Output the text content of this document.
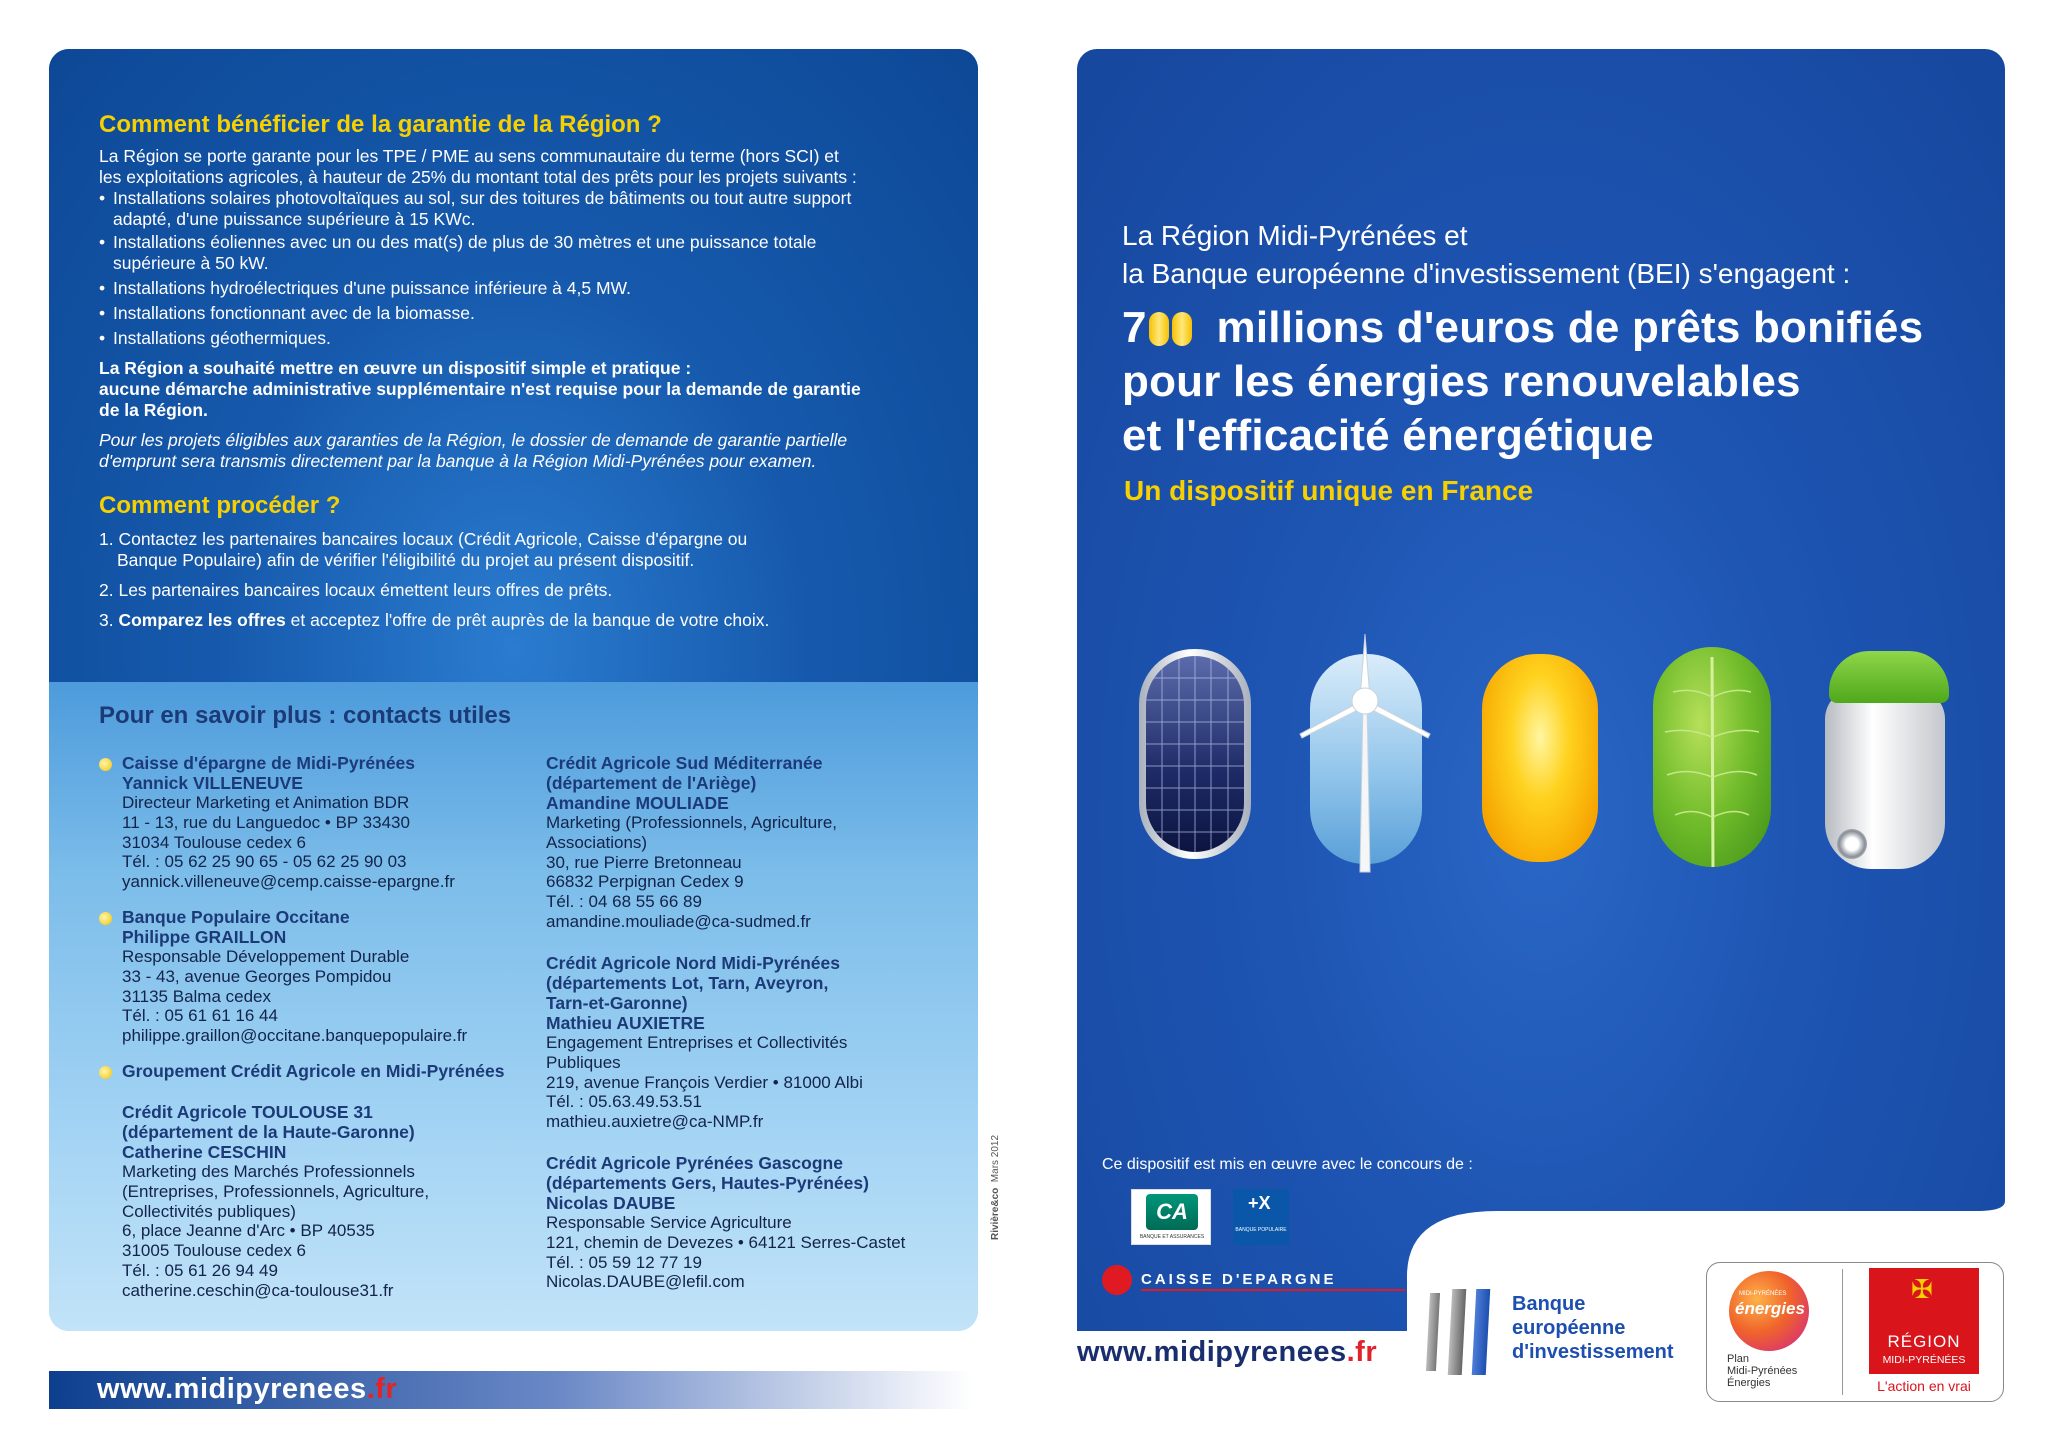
Comment bénéficier de la garantie de la Région ?
La Région se porte garante pour les TPE / PME au sens communautaire du terme (hors SCI) et
les exploitations agricoles, à hauteur de 25% du montant total des prêts pour les projets suivants :
• Installations solaires photovoltaïques au sol, sur des toitures de bâtiments ou tout autre support
adapté, d'une puissance supérieure à 15 KWc.
• Installations éoliennes avec un ou des mat(s) de plus de 30 mètres et une puissance totale
supérieure à 50 kW.
• Installations hydroélectriques d'une puissance inférieure à 4,5 MW.
• Installations fonctionnant avec de la biomasse.
• Installations géothermiques.
La Région a souhaité mettre en œuvre un dispositif simple et pratique :
aucune démarche administrative supplémentaire n'est requise pour la demande de garantie
de la Région.
Pour les projets éligibles aux garanties de la Région, le dossier de demande de garantie partielle
d'emprunt sera transmis directement par la banque à la Région Midi-Pyrénées pour examen.
Comment procéder ?
1. Contactez les partenaires bancaires locaux (Crédit Agricole, Caisse d'épargne ou
Banque Populaire) afin de vérifier l'éligibilité du projet au présent dispositif.
2. Les partenaires bancaires locaux émettent leurs offres de prêts.
3. Comparez les offres et acceptez l'offre de prêt auprès de la banque de votre choix.
Pour en savoir plus : contacts utiles
Caisse d'épargne de Midi-Pyrénées
Yannick VILLENEUVE
Directeur Marketing et Animation BDR
11 - 13, rue du Languedoc • BP 33430
31034 Toulouse cedex 6
Tél. : 05 62 25 90 65 - 05 62 25 90 03
yannick.villeneuve@cemp.caisse-epargne.fr
Banque Populaire Occitane
Philippe GRAILLON
Responsable Développement Durable
33 - 43, avenue Georges Pompidou
31135 Balma cedex
Tél. : 05 61 61 16 44
philippe.graillon@occitane.banquepopulaire.fr
Groupement Crédit Agricole en Midi-Pyrénées
Crédit Agricole TOULOUSE 31
(département de la Haute-Garonne)
Catherine CESCHIN
Marketing des Marchés Professionnels
(Entreprises, Professionnels, Agriculture,
Collectivités publiques)
6, place Jeanne d'Arc • BP 40535
31005 Toulouse cedex 6
Tél. : 05 61 26 94 49
catherine.ceschin@ca-toulouse31.fr
Crédit Agricole Sud Méditerranée
(département de l'Ariège)
Amandine MOULIADE
Marketing (Professionnels, Agriculture,
Associations)
30, rue Pierre Bretonneau
66832 Perpignan Cedex 9
Tél. : 04 68 55 66 89
amandine.mouliade@ca-sudmed.fr
Crédit Agricole Nord Midi-Pyrénées
(départements Lot, Tarn, Aveyron,
Tarn-et-Garonne)
Mathieu AUXIETRE
Engagement Entreprises et Collectivités
Publiques
219, avenue François Verdier • 81000 Albi
Tél. : 05.63.49.53.51
mathieu.auxietre@ca-NMP.fr
Crédit Agricole Pyrénées Gascogne
(départements Gers, Hautes-Pyrénées)
Nicolas DAUBE
Responsable Service Agriculture
121, chemin de Devezes • 64121 Serres-Castet
Tél. : 05 59 12 77 19
Nicolas.DAUBE@lefil.com
Rivière&co  Mars 2012
www.midipyrenees.fr
La Région Midi-Pyrénées et
la Banque européenne d'investissement (BEI) s'engagent :
7 millions d'euros de prêts bonifiés
pour les énergies renouvelables
et l'efficacité énergétique
Un dispositif unique en France
Ce dispositif est mis en œuvre avec le concours de :
CA
BANQUE ET ASSURANCES
+X
BANQUE POPULAIRE
CAISSE D'EPARGNE
www.midipyrenees.fr
Banque
européenne
d'investissement
MIDI-PYRÉNÉES
énergies
Plan
Midi-Pyrénées
Énergies
✠
RÉGION
MIDI-PYRÉNÉES
L'action en vrai
